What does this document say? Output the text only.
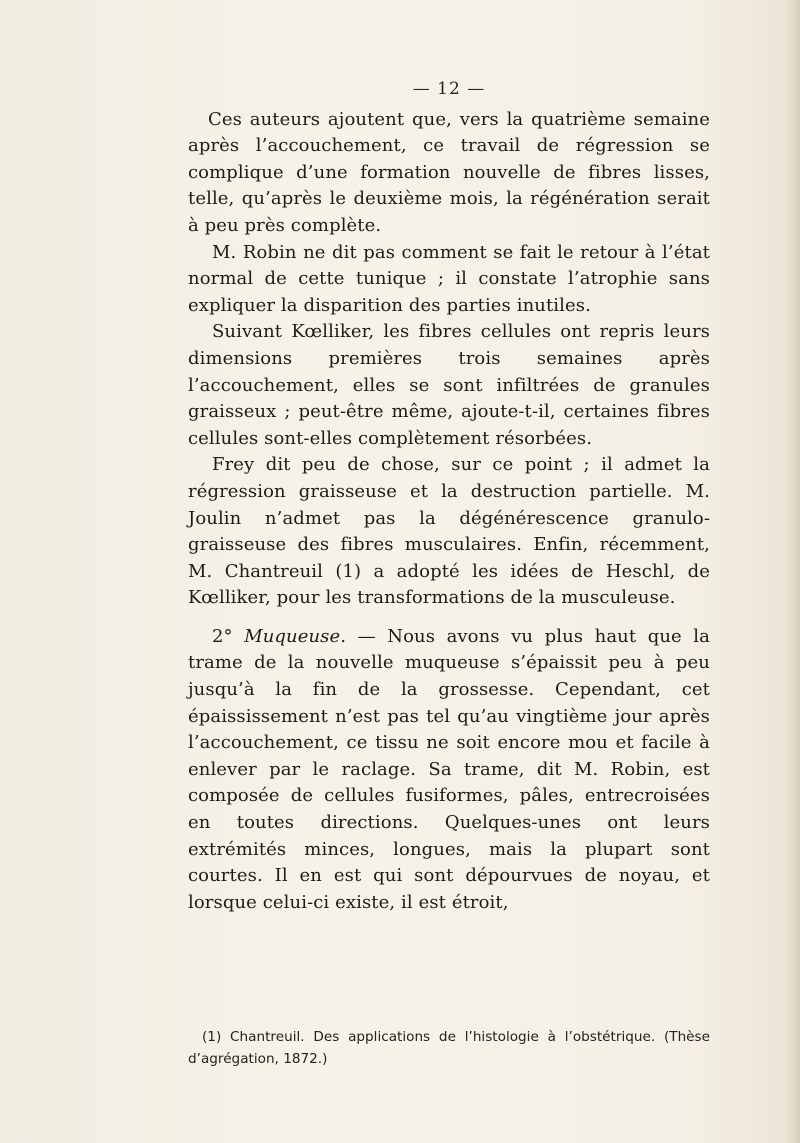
— 12 —

Ces auteurs ajoutent que, vers la quatrième semaine après l’accouchement, ce travail de régression se complique d’une formation nouvelle de fibres lisses, telle, qu’après le deuxième mois, la régénération serait à peu près complète.

M. Robin ne dit pas comment se fait le retour à l’état normal de cette tunique ; il constate l’atrophie sans expliquer la disparition des parties inutiles.

Suivant Kœlliker, les fibres cellules ont repris leurs dimensions premières trois semaines après l’accouchement, elles se sont infiltrées de granules graisseux ; peut-être même, ajoute-t-il, certaines fibres cellules sont-elles complètement résorbées.

Frey dit peu de chose, sur ce point ; il admet la régression graisseuse et la destruction partielle. M. Joulin n’admet pas la dégénérescence granulo-graisseuse des fibres musculaires. Enfin, récemment, M. Chantreuil (1) a adopté les idées de Heschl, de Kœlliker, pour les transformations de la musculeuse.

2° Muqueuse. — Nous avons vu plus haut que la trame de la nouvelle muqueuse s’épaissit peu à peu jusqu’à la fin de la grossesse. Cependant, cet épaississement n’est pas tel qu’au vingtième jour après l’accouchement, ce tissu ne soit encore mou et facile à enlever par le raclage. Sa trame, dit M. Robin, est composée de cellules fusiformes, pâles, entrecroisées en toutes directions. Quelques-unes ont leurs extrémités minces, longues, mais la plupart sont courtes. Il en est qui sont dépourvues de noyau, et lorsque celui-ci existe, il est étroit,

(1) Chantreuil. Des applications de l’histologie à l’obstétrique. (Thèse d’agrégation, 1872.)
